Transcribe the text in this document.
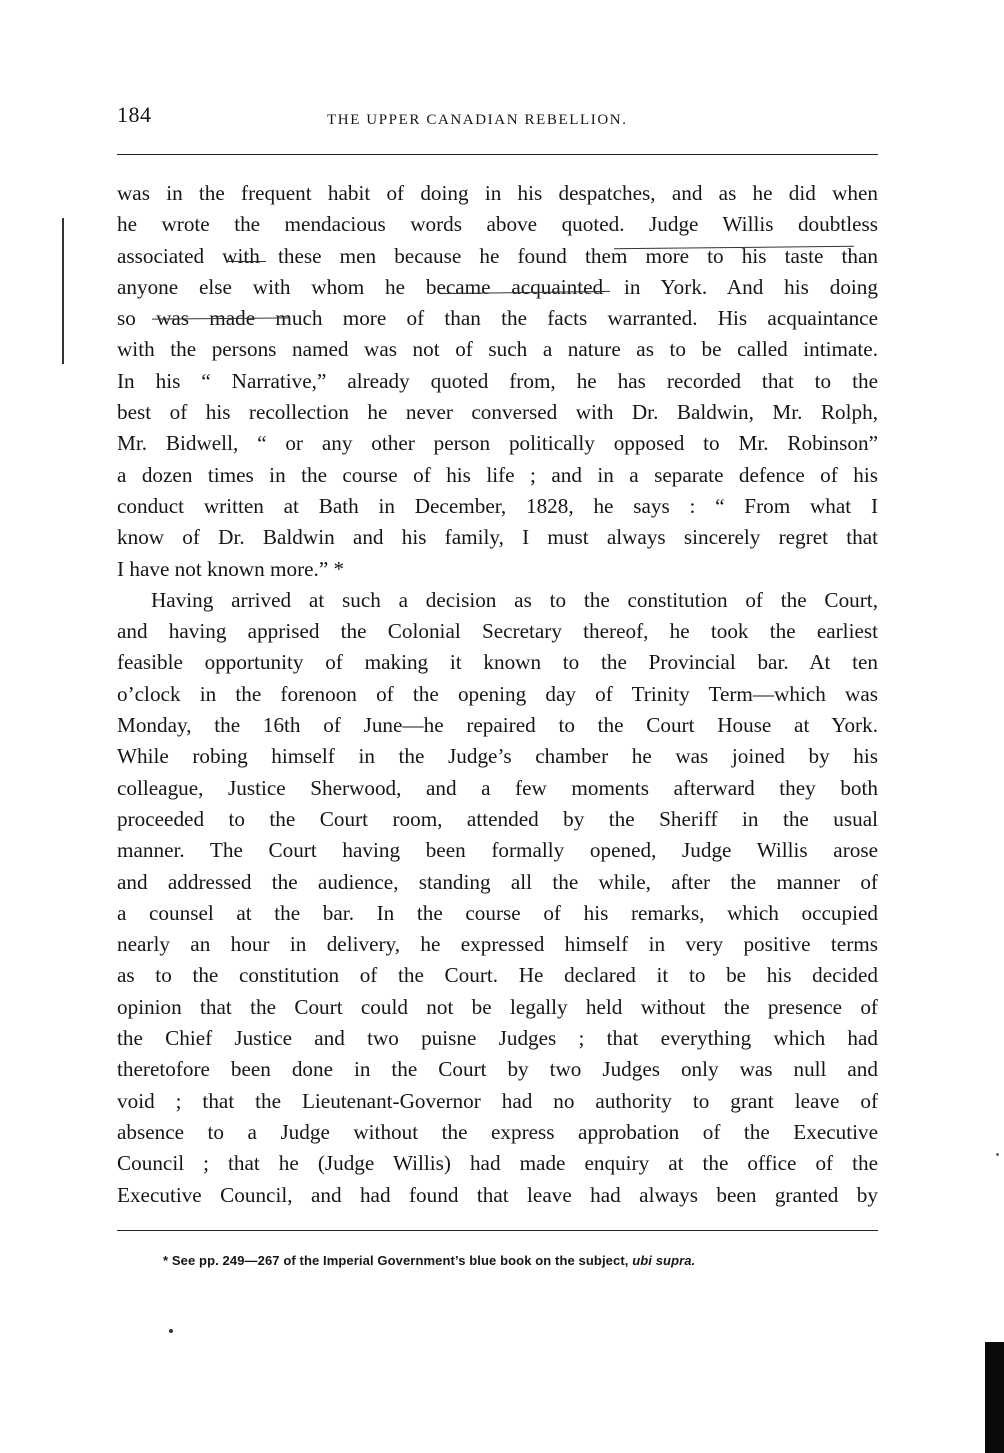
184	THE UPPER CANADIAN REBELLION.
was in the frequent habit of doing in his despatches, and as he did when
he wrote the mendacious words above quoted. Judge Willis doubtless
associated with these men because he found them more to his taste than
anyone else with whom he became acquainted in York. And his doing
so was made much more of than the facts warranted. His acquaintance
with the persons named was not of such a nature as to be called intimate.
In his “ Narrative,” already quoted from, he has recorded that to the
best of his recollection he never conversed with Dr. Baldwin, Mr. Rolph,
Mr. Bidwell, “ or any other person politically opposed to Mr. Robinson”
a dozen times in the course of his life ; and in a separate defence of his
conduct written at Bath in December, 1828, he says : “ From what I
know of Dr. Baldwin and his family, I must always sincerely regret that
I have not known more.” *
Having arrived at such a decision as to the constitution of the Court,
and having apprised the Colonial Secretary thereof, he took the earliest
feasible opportunity of making it known to the Provincial bar. At ten
o’clock in the forenoon of the opening day of Trinity Term—which was
Monday, the 16th of June—he repaired to the Court House at York.
While robing himself in the Judge’s chamber he was joined by his
colleague, Justice Sherwood, and a few moments afterward they both
proceeded to the Court room, attended by the Sheriff in the usual
manner. The Court having been formally opened, Judge Willis arose
and addressed the audience, standing all the while, after the manner of
a counsel at the bar. In the course of his remarks, which occupied
nearly an hour in delivery, he expressed himself in very positive terms
as to the constitution of the Court. He declared it to be his decided
opinion that the Court could not be legally held without the presence of
the Chief Justice and two puisne Judges ; that everything which had
theretofore been done in the Court by two Judges only was null and
void ; that the Lieutenant-Governor had no authority to grant leave of
absence to a Judge without the express approbation of the Executive
Council ; that he (Judge Willis) had made enquiry at the office of the
Executive Council, and had found that leave had always been granted by
* See pp. 249—267 of the Imperial Government’s blue book on the subject, ubi supra.
